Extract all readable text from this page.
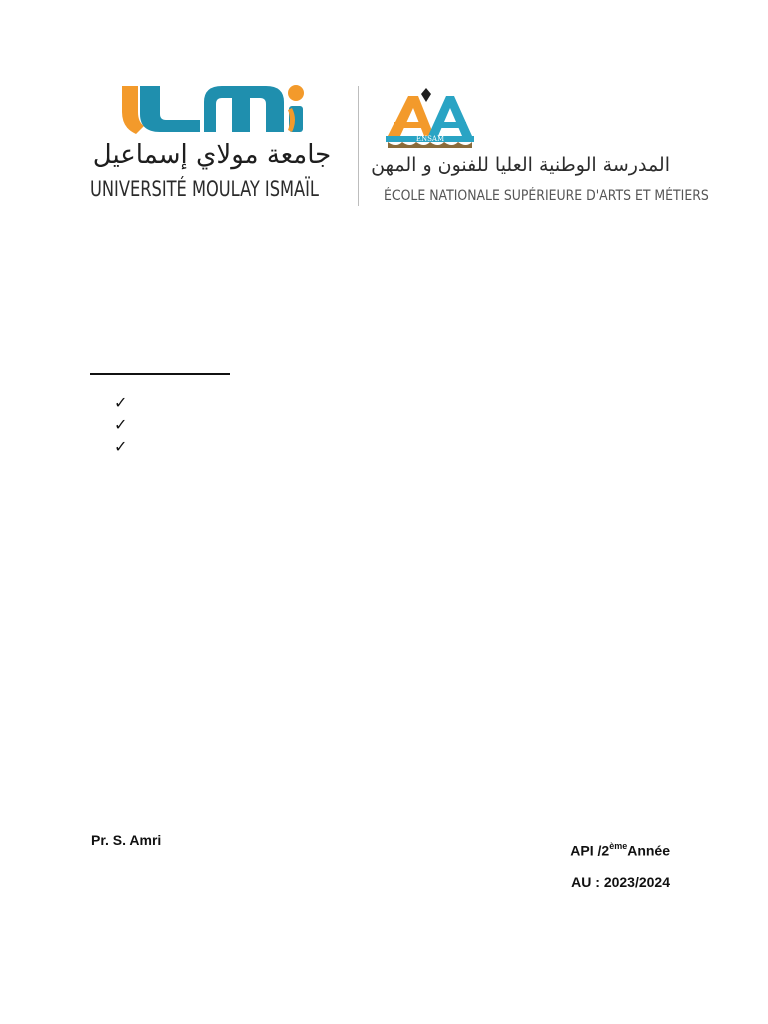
جامعة مولاي إسماعيل
UNIVERSITÉ MOULAY ISMAÏL
ENSAM
المدرسة الوطنية العليا للفنون و المهن
ÉCOLE NATIONALE SUPÉRIEURE D'ARTS ET MÉTIERS
✓
✓
✓
Pr. S. Amri
API /2èmeAnnée
AU : 2023/2024
